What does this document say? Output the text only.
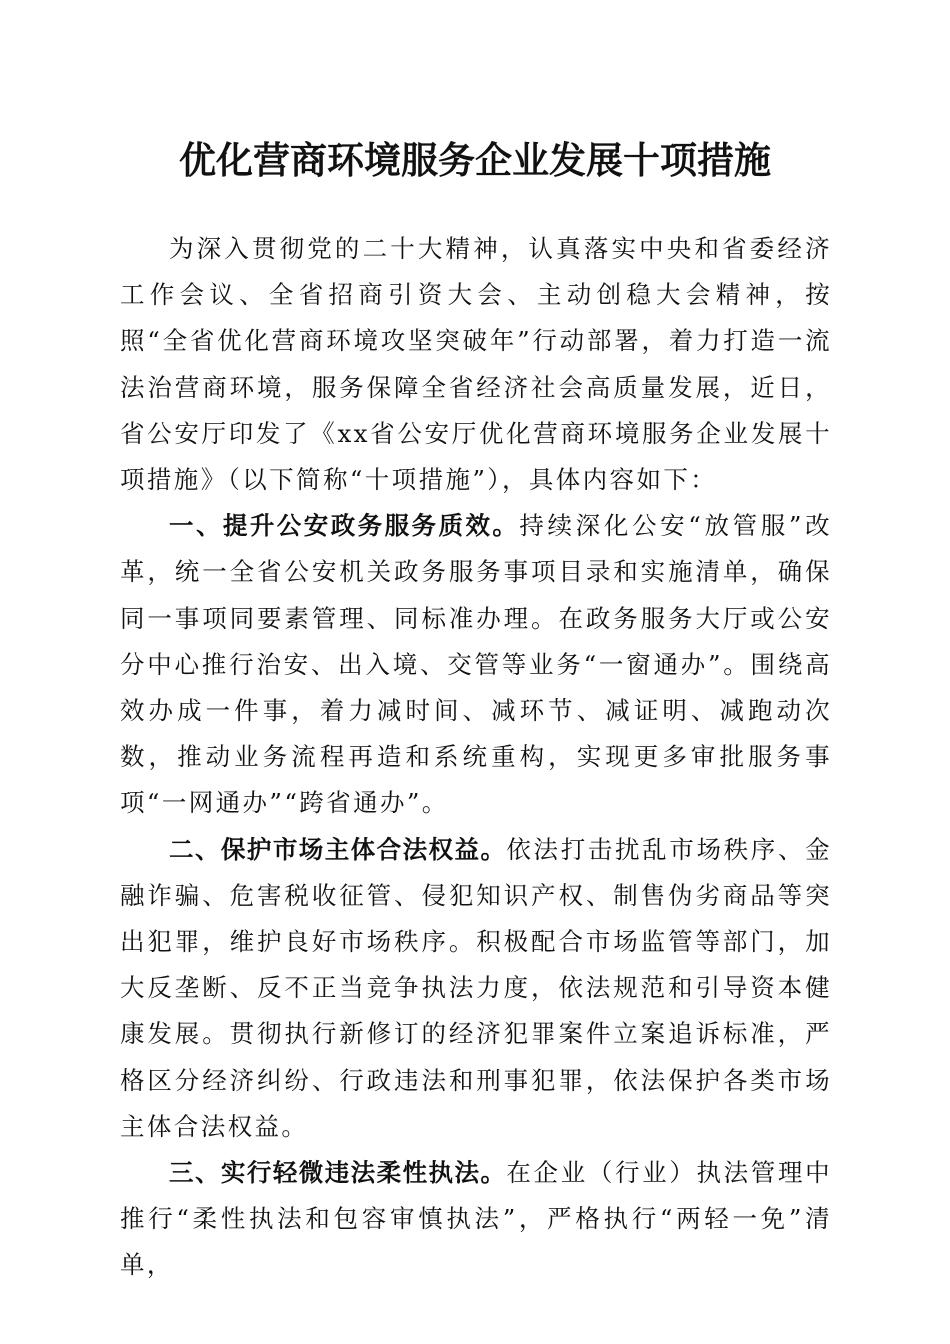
优化营商环境服务企业发展十项措施

为深入贯彻党的二十大精神，认真落实中央和省委经济工作会议、全省招商引资大会、主动创稳大会精神，按照“全省优化营商环境攻坚突破年”行动部署，着力打造一流法治营商环境，服务保障全省经济社会高质量发展，近日，省公安厅印发了《xx省公安厅优化营商环境服务企业发展十项措施》（以下简称“十项措施”），具体内容如下：

一、提升公安政务服务质效。持续深化公安“放管服”改革，统一全省公安机关政务服务事项目录和实施清单，确保同一事项同要素管理、同标准办理。在政务服务大厅或公安分中心推行治安、出入境、交管等业务“一窗通办”。围绕高效办成一件事，着力减时间、减环节、减证明、减跑动次数，推动业务流程再造和系统重构，实现更多审批服务事项“一网通办”“跨省通办”。

二、保护市场主体合法权益。依法打击扰乱市场秩序、金融诈骗、危害税收征管、侵犯知识产权、制售伪劣商品等突出犯罪，维护良好市场秩序。积极配合市场监管等部门，加大反垄断、反不正当竞争执法力度，依法规范和引导资本健康发展。贯彻执行新修订的经济犯罪案件立案追诉标准，严格区分经济纠纷、行政违法和刑事犯罪，依法保护各类市场主体合法权益。

三、实行轻微违法柔性执法。在企业（行业）执法管理中推行“柔性执法和包容审慎执法”，严格执行“两轻一免”清单，
